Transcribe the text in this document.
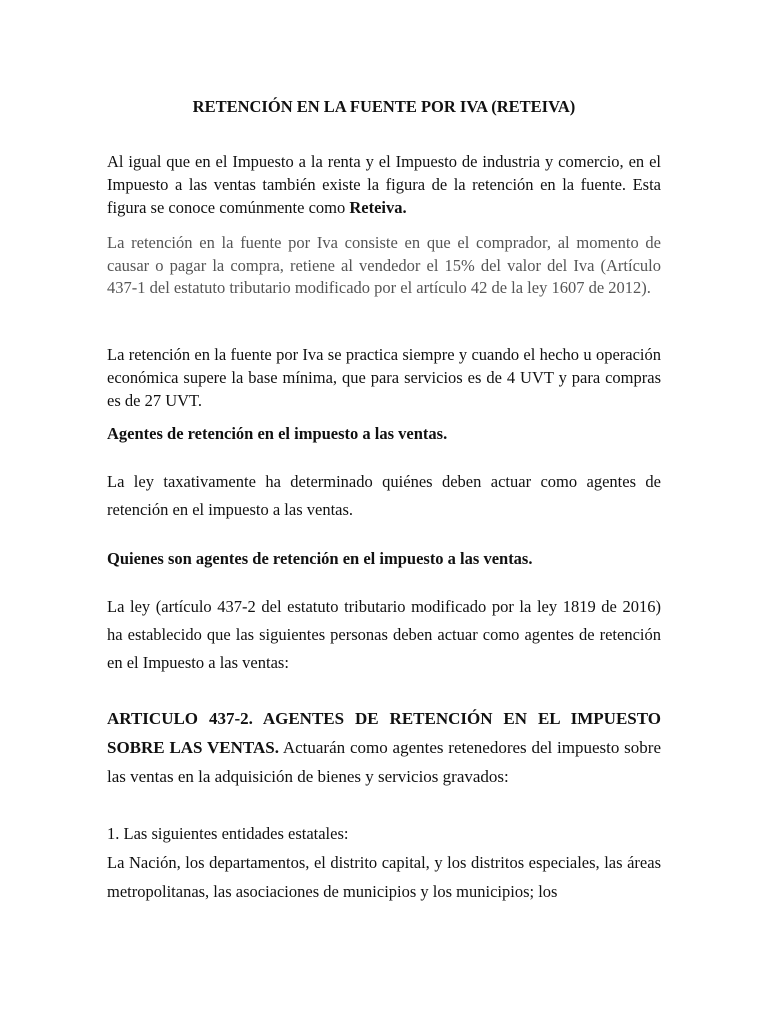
RETENCIÓN EN LA FUENTE POR IVA (RETEIVA)

Al igual que en el Impuesto a la renta y el Impuesto de industria y comercio, en el Impuesto a las ventas también existe la figura de la retención en la fuente. Esta figura se conoce comúnmente como Reteiva.

La retención en la fuente por Iva consiste en que el comprador, al momento de causar o pagar la compra, retiene al vendedor el 15% del valor del Iva (Artículo 437-1 del estatuto tributario modificado por el artículo 42 de la ley 1607 de 2012).

La retención en la fuente por Iva se practica siempre y cuando el hecho u operación económica supere la base mínima, que para servicios es de 4 UVT y para compras es de 27 UVT.

Agentes de retención en el impuesto a las ventas.

La ley taxativamente ha determinado quiénes deben actuar como agentes de retención en el impuesto a las ventas.

Quienes son agentes de retención en el impuesto a las ventas.

La ley (artículo 437-2 del estatuto tributario modificado por la ley 1819 de 2016) ha establecido que las siguientes personas deben actuar como agentes de retención en el Impuesto a las ventas:

ARTICULO 437-2. AGENTES DE RETENCIÓN EN EL IMPUESTO SOBRE LAS VENTAS. Actuarán como agentes retenedores del impuesto sobre las ventas en la adquisición de bienes y servicios gravados:

1. Las siguientes entidades estatales:
La Nación, los departamentos, el distrito capital, y los distritos especiales, las áreas metropolitanas, las asociaciones de municipios y los municipios; los
